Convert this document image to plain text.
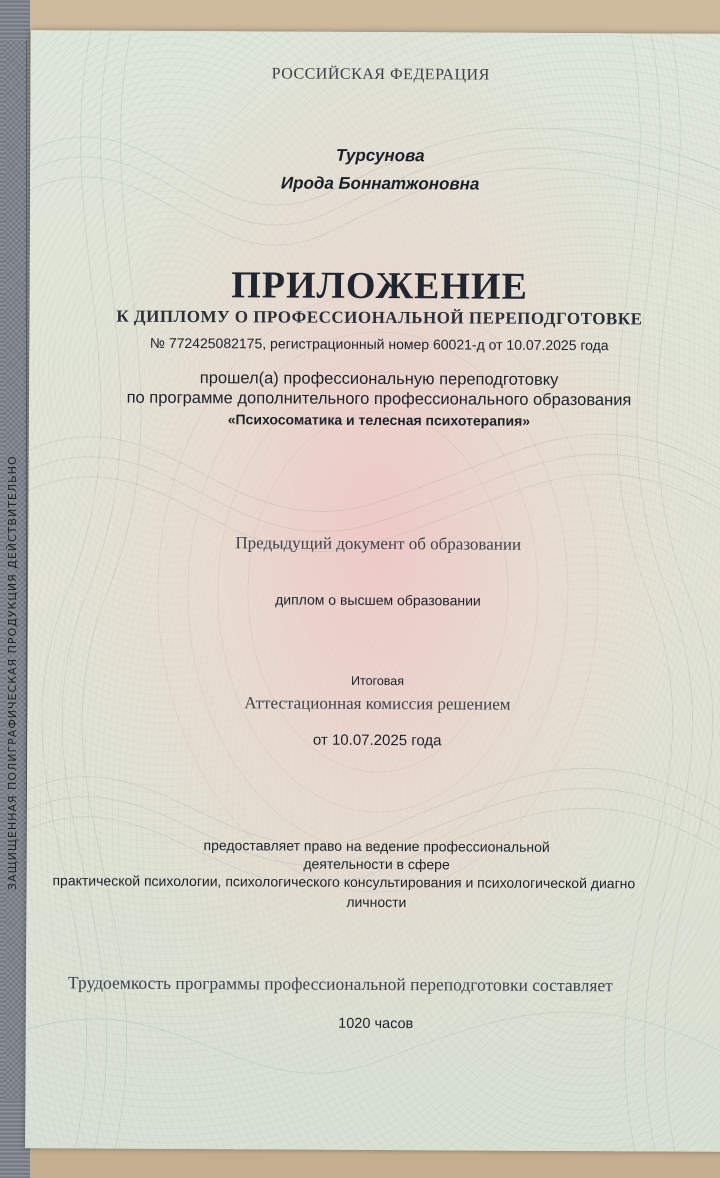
ЗАЩИЩЕННАЯ ПОЛИГРАФИЧЕСКАЯ ПРОДУКЦИЯ ДЕЙСТВИТЕЛЬНО
РОССИЙСКАЯ ФЕДЕРАЦИЯ
Турсунова
Ирода Боннатжоновна
ПРИЛОЖЕНИЕ
К ДИПЛОМУ О ПРОФЕССИОНАЛЬНОЙ ПЕРЕПОДГОТОВКЕ
№ 772425082175, регистрационный номер 60021-д от 10.07.2025 года
прошел(а) профессиональную переподготовку
по программе дополнительного профессионального образования
«Психосоматика и телесная психотерапия»
Предыдущий документ об образовании
диплом о высшем образовании
Итоговая
Аттестационная комиссия решением
от 10.07.2025 года
предоставляет право на ведение профессиональной
деятельности в сфере
практической психологии, психологического консультирования и психологической диагно
личности
Трудоемкость программы профессиональной переподготовки составляет
1020 часов
